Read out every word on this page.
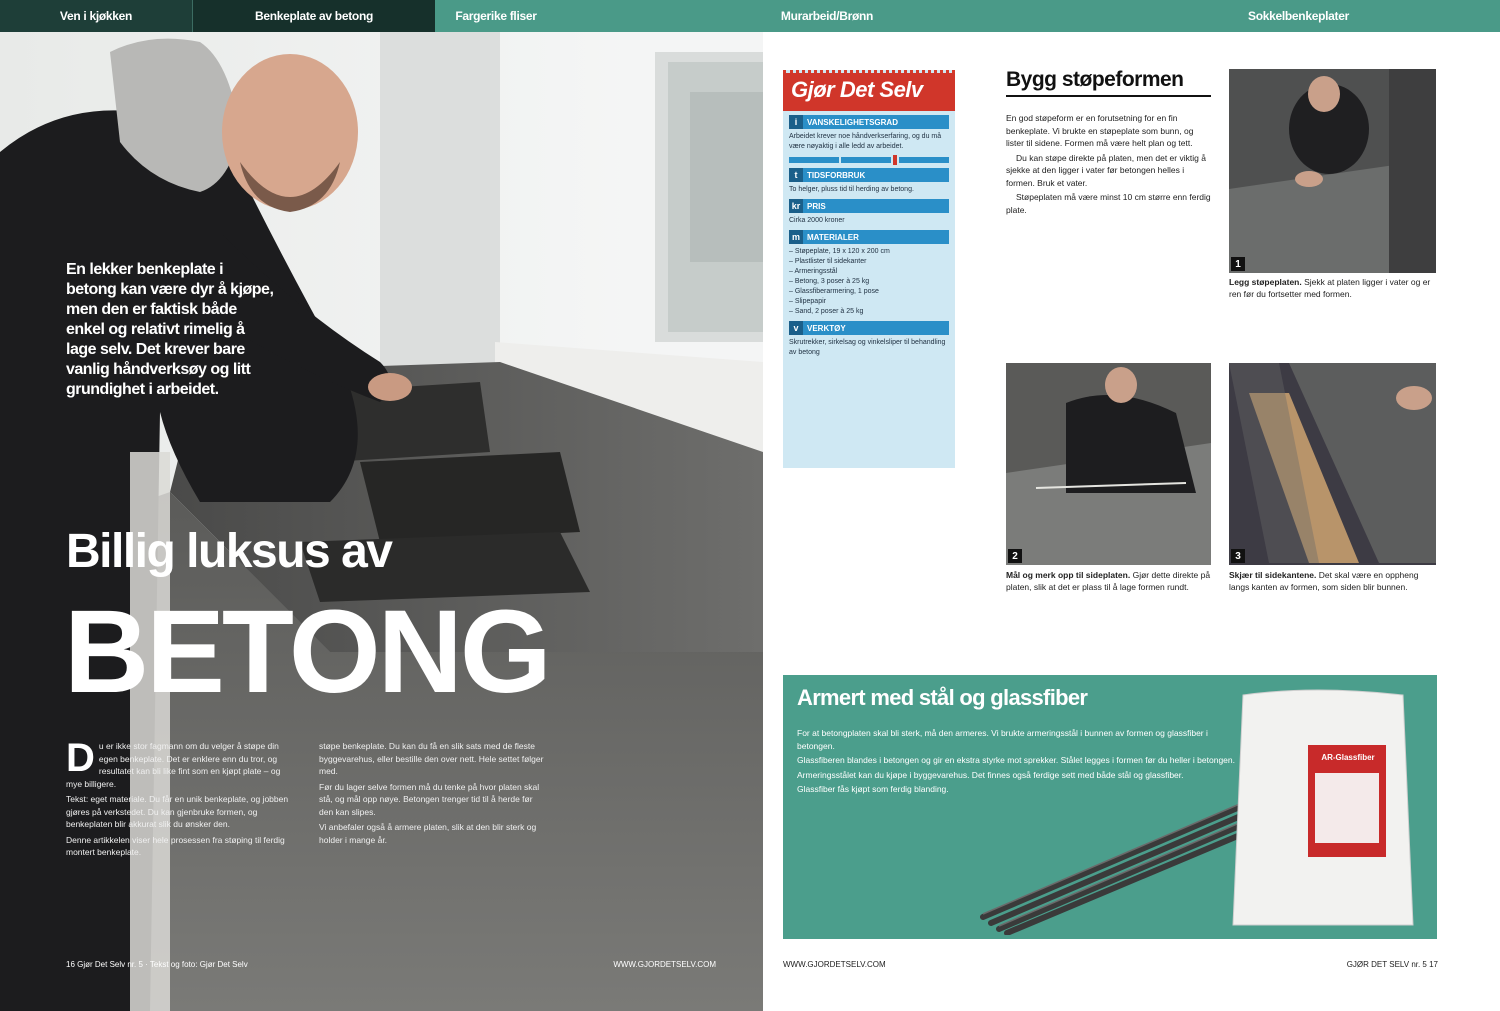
Ven i kjøkken	Benkeplate av betong	Fargerike fliser	Murarbeid/Brønn	Sokkelbenkeplater
En lekker benkeplate i betong kan være dyr å kjøpe, men den er faktisk både enkel og relativt rimelig å lage selv. Det krever bare vanlig håndverksøy og litt grundighet i arbeidet.
Billig luksus av
BETONG
D u er ikke stor fagmann om du velger å støpe din egen benkeplate. Det er enklere enn du tror, og resultatet kan bli like fint som en kjøpt plate – og mye billigere.

Tekst: eget materiale. Du får en unik benkeplate, og jobben gjøres på verkstedet. Du kan gjenbruke formen, og benkeplaten blir akkurat slik du ønsker den.

Denne artikkelen viser hele prosessen fra støping til ferdig montert benkeplate.

støpe benkeplate. Du kan du få en slik sats med de fleste byggevarehus, eller bestille den over nett. Hele settet følger med.

Før du lager selve formen må du tenke på hvor platen skal stå, og mål opp nøye. Betongen trenger tid til å herde før den kan slipes.

Vi anbefaler også å armere platen, slik at den blir sterk og holder i mange år.

16 Gjør Det Selv nr. 5 · Tekst og foto: Gjør Det Selv	WWW.GJORDETSELV.COM
Gjør Det Selv
i	VANSKELIGHETSGRAD
Arbeidet krever noe håndverkserfaring, og du må være nøyaktig i alle ledd av arbeidet.
t	TIDSFORBRUK
To helger, pluss tid til herding av betong.
kr PRIS
Cirka 2000 kroner
m MATERIALER
– Støpeplate, 19 x 120 x 200 cm
– Plastlister til sidekanter
– Armeringsstål
– Betong, 3 poser à 25 kg
– Glassfiberarmering, 1 pose
– Slipepapir
– Sand, 2 poser à 25 kg
v	VERKTØY
Skrutrekker, sirkelsag og vinkelsliper til behandling av betong
Bygg støpeformen

En god støpeform er en forutsetning for en fin benkeplate. Vi brukte en støpeplate som bunn, og lister til sidene. Formen må være helt plan og tett.

Du kan støpe direkte på platen, men det er viktig å sjekke at den ligger i vater før betongen helles i formen. Bruk et vater.

Støpeplaten må være minst 10 cm større enn ferdig plate.

1
Legg støpeplaten. Sjekk at platen ligger i vater og er ren før du fortsetter med formen.
2
Mål og merk opp til sideplaten. Gjør dette direkte på platen, slik at det er plass til å lage formen rundt.
3
Skjær til sidekantene. Det skal være en oppheng langs kanten av formen, som siden blir bunnen.
Armert med stål og glassfiber

For at betongplaten skal bli sterk, må den armeres. Vi brukte armeringsstål i bunnen av formen og glassfiber i betongen.

Glassfiberen blandes i betongen og gir en ekstra styrke mot sprekker. Stålet legges i formen før du heller i betongen.

Armeringsstålet kan du kjøpe i byggevarehus. Det finnes også ferdige sett med både stål og glassfiber.

Glassfiber fås kjøpt som ferdig blanding.

AR-Glassfiber
WWW.GJORDETSELV.COM	GJØR DET SELV nr. 5 17
